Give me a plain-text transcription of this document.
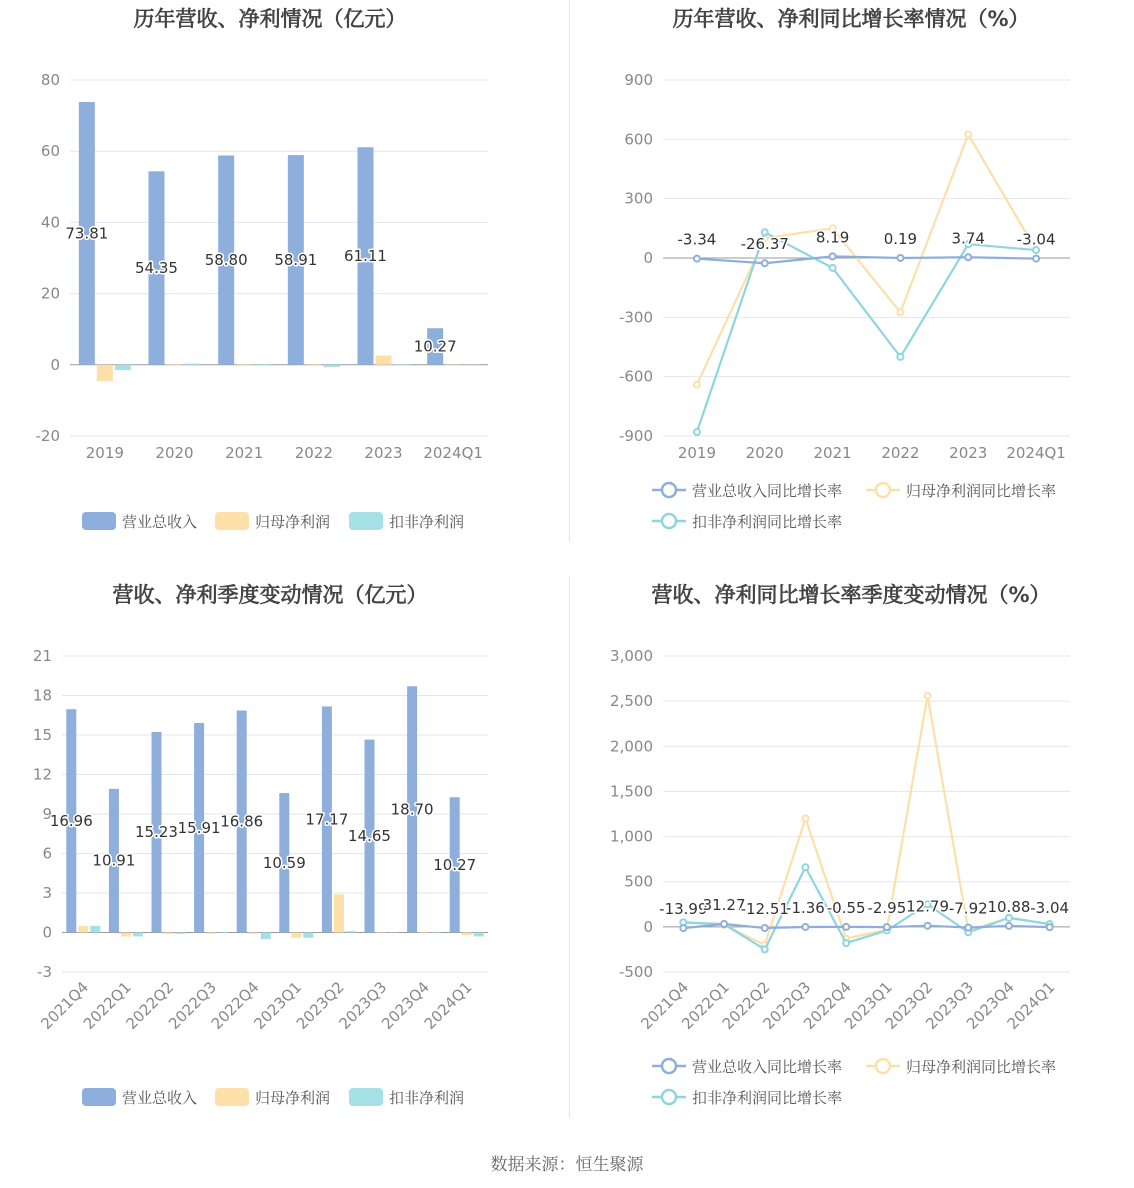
历年营收、净利情况（亿元）
80
60
40
20
0
-20
2019 2020 2021 2022 2023 2024Q1
73.81
54.35 58.80 58.91 61.11
10.27
营业总收入	归母净利润	扣非净利润
历年营收、净利同比增长率情况（%）
900
600
300
0
-300
-600
-900
2019 2020 2021 2022 2023 2024Q1
-3.34 -26.37 8.19 0.19 3.74 -3.04
营业总收入同比增长率	归母净利润同比增长率
扣非净利润同比增长率
营收、净利季度变动情况（亿元）
21
18
15
12
9
6
3
0
-3
2021Q4
2022Q1
2022Q2
2022Q3
2022Q4
2023Q1
2023Q2
2023Q3
2023Q4
2024Q1
16.96
10.91
15.23 15.91 16.86
10.59
17.17
14.65
18.70
10.27
营业总收入	归母净利润	扣非净利润
营收、净利同比增长率季度变动情况（%）
3,000
2,500
2,000
1,500
1,000
500
0
-500
2021Q4
2022Q1
2022Q2
2022Q3
2022Q4
2023Q1
2023Q2
2023Q3
2023Q4
2024Q1
-13.99
31.27
-12.51
-1.36 -0.55 -2.95 12.79 -7.92 10.88 -3.04
营业总收入同比增长率	归母净利润同比增长率
扣非净利润同比增长率
数据来源：恒生聚源
